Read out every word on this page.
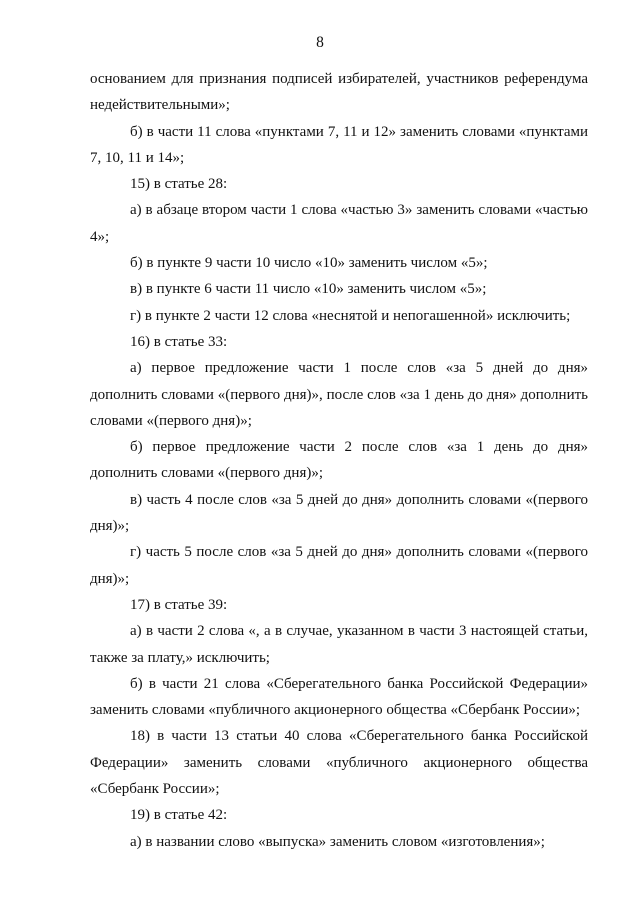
8

основанием для признания подписей избирателей, участников референдума недействительными»;

б) в части 11 слова «пунктами 7, 11 и 12» заменить словами «пунктами 7, 10, 11 и 14»;

15) в статье 28:

а) в абзаце втором части 1 слова «частью 3» заменить словами «частью 4»;

б) в пункте 9 части 10 число «10» заменить числом «5»;

в) в пункте 6 части 11 число «10» заменить числом «5»;

г) в пункте 2 части 12 слова «неснятой и непогашенной» исключить;

16) в статье 33:

а) первое предложение части 1 после слов «за 5 дней до дня» дополнить словами «(первого дня)», после слов «за 1 день до дня» дополнить словами «(первого дня)»;

б) первое предложение части 2 после слов «за 1 день до дня» дополнить словами «(первого дня)»;

в) часть 4 после слов «за 5 дней до дня» дополнить словами «(первого дня)»;

г) часть 5 после слов «за 5 дней до дня» дополнить словами «(первого дня)»;

17) в статье 39:

а) в части 2 слова «, а в случае, указанном в части 3 настоящей статьи, также за плату,» исключить;

б) в части 21 слова «Сберегательного банка Российской Федерации» заменить словами «публичного акционерного общества «Сбербанк России»;

18) в части 13 статьи 40 слова «Сберегательного банка Российской Федерации» заменить словами «публичного акционерного общества «Сбербанк России»;

19) в статье 42:

а) в названии слово «выпуска» заменить словом «изготовления»;
